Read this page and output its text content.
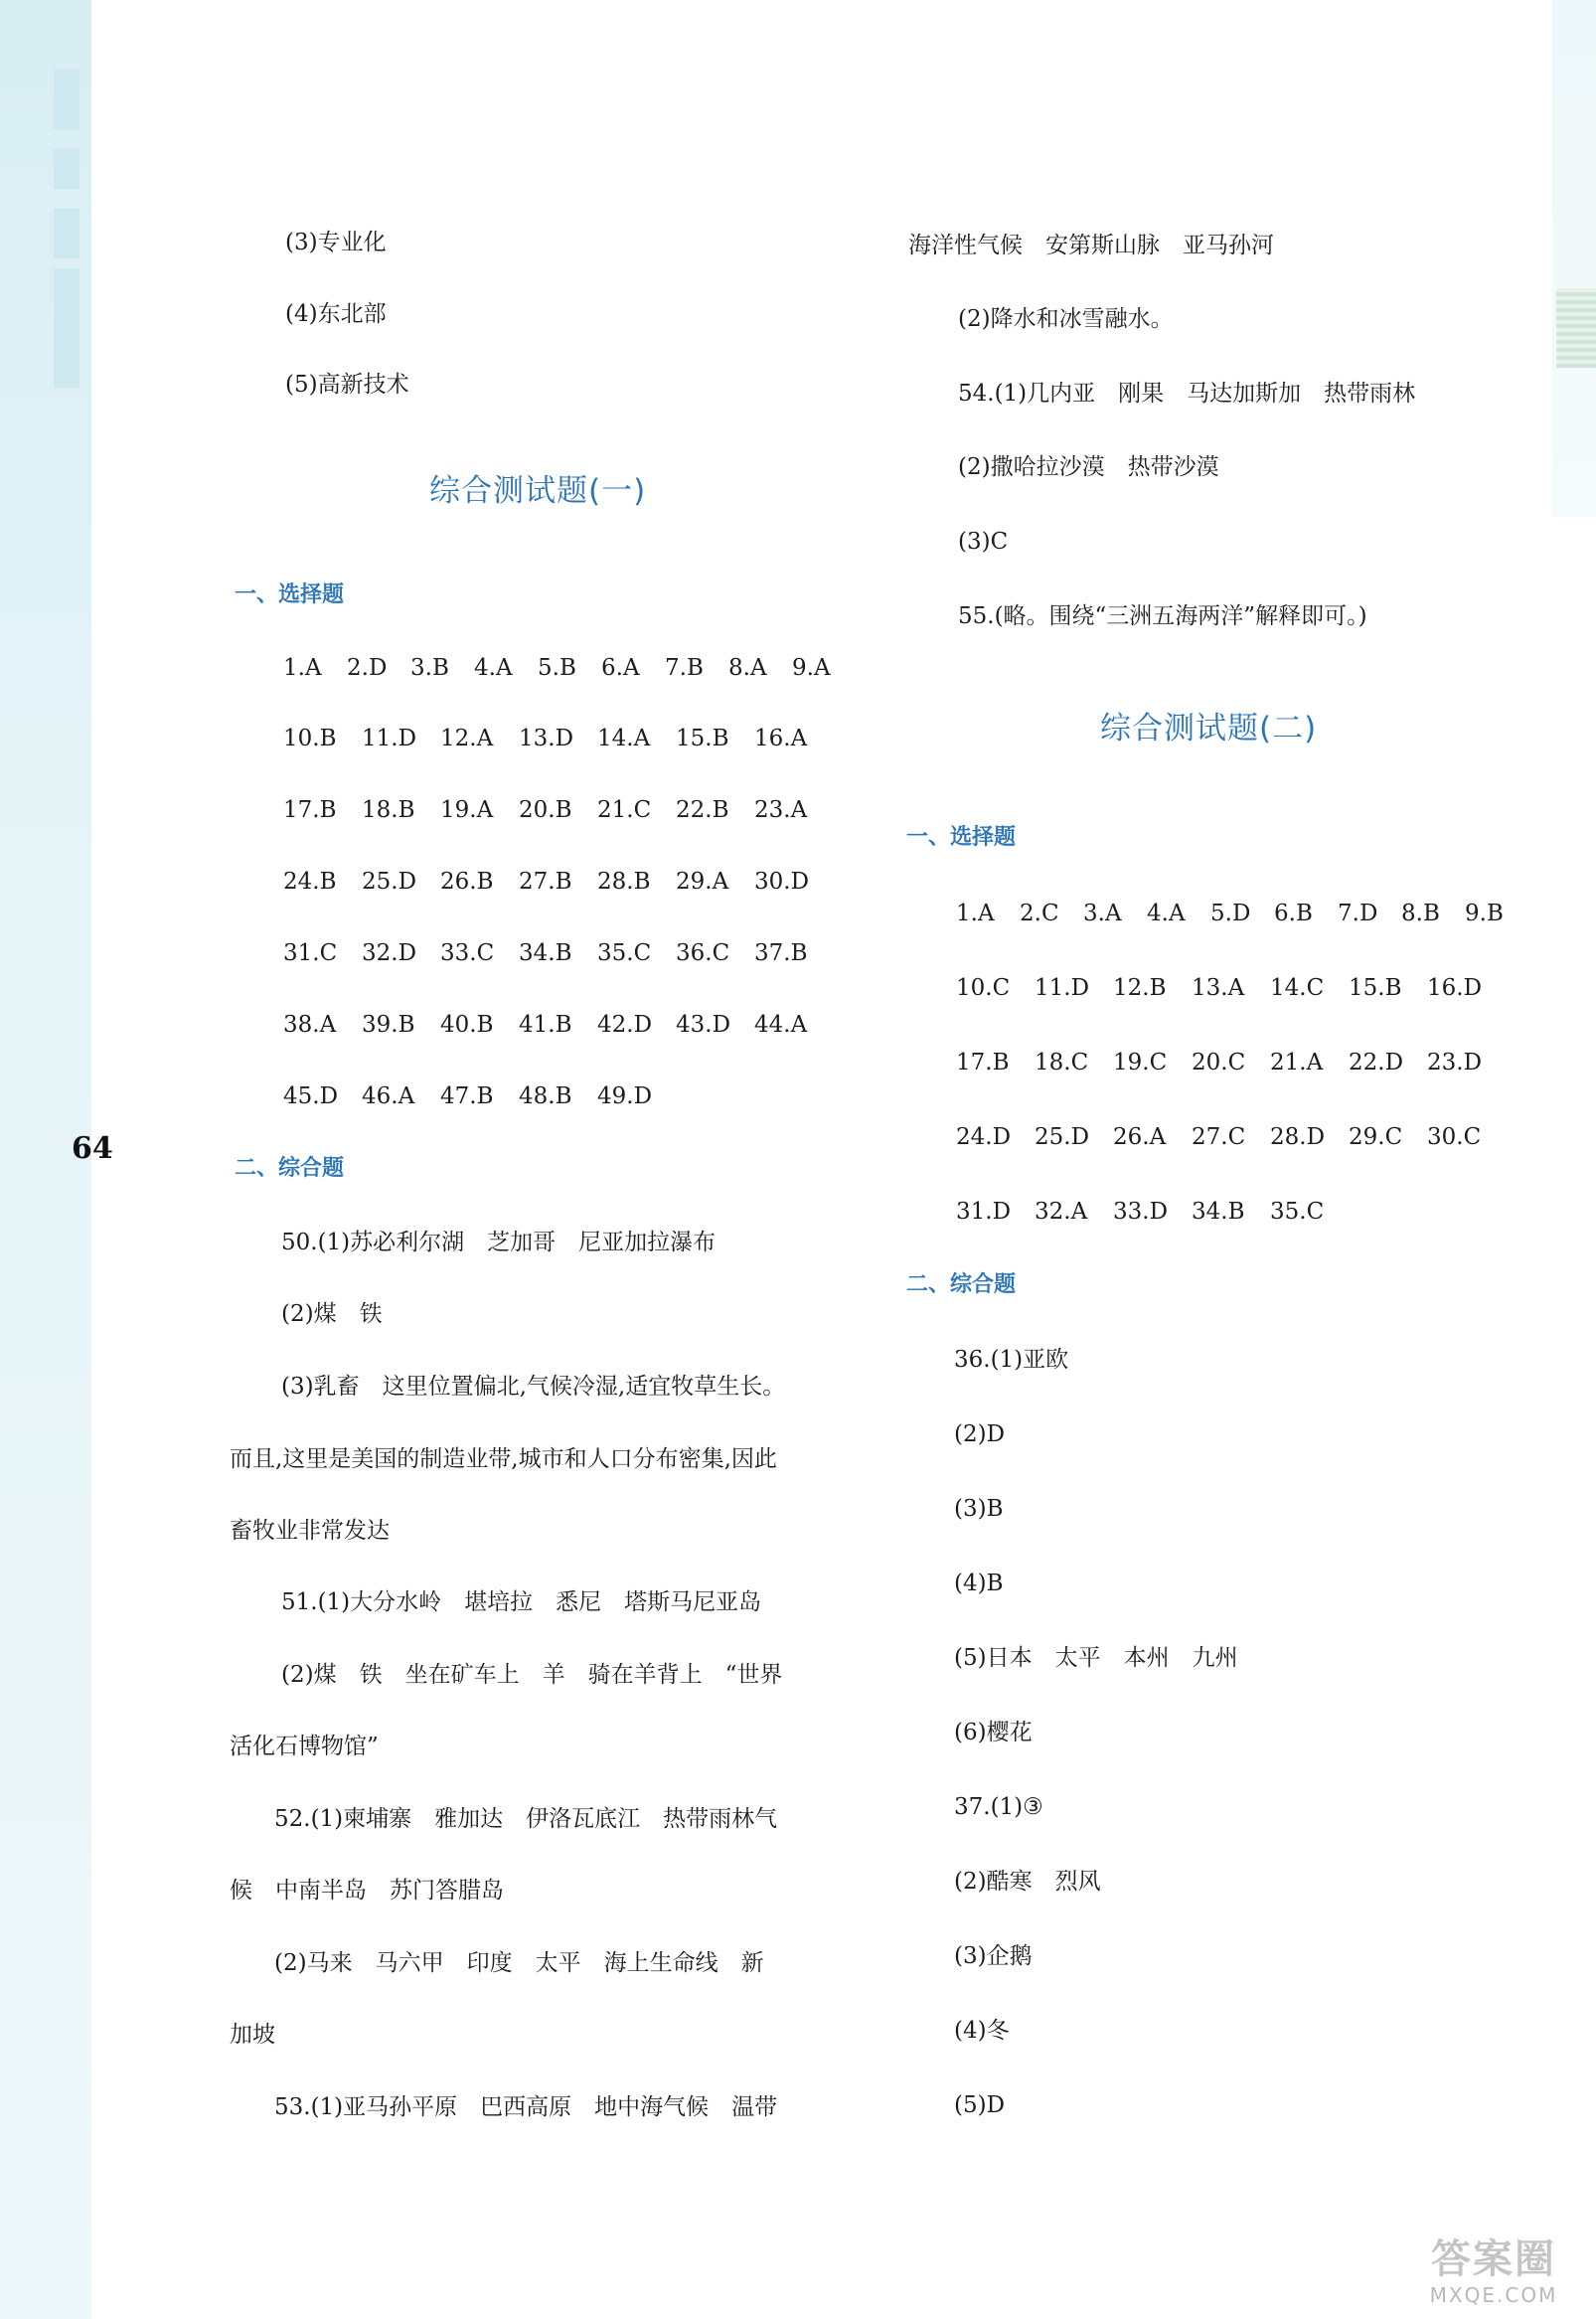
64
(3)专业化
(4)东北部
(5)高新技术
综合测试题(一)
一、选择题
1.A	2.D	3.B	4.A	5.B	6.A	7.B	8.A	9.A
10.B	11.D	12.A	13.D	14.A	15.B	16.A
17.B	18.B	19.A	20.B	21.C	22.B	23.A
24.B	25.D	26.B	27.B	28.B	29.A	30.D
31.C	32.D	33.C	34.B	35.C	36.C	37.B
38.A	39.B	40.B	41.B	42.D	43.D	44.A
45.D	46.A	47.B	48.B	49.D
二、综合题
50.(1)苏必利尔湖　芝加哥　尼亚加拉瀑布
(2)煤　铁
(3)乳畜　这里位置偏北,气候冷湿,适宜牧草生长。
而且,这里是美国的制造业带,城市和人口分布密集,因此
畜牧业非常发达
51.(1)大分水岭　堪培拉　悉尼　塔斯马尼亚岛
(2)煤　铁　坐在矿车上　羊　骑在羊背上　“世界
活化石博物馆”
52.(1)柬埔寨　雅加达　伊洛瓦底江　热带雨林气
候　中南半岛　苏门答腊岛
(2)马来　马六甲　印度　太平　海上生命线　新
加坡
53.(1)亚马孙平原　巴西高原　地中海气候　温带
海洋性气候　安第斯山脉　亚马孙河
(2)降水和冰雪融水。
54.(1)几内亚　刚果　马达加斯加　热带雨林
(2)撒哈拉沙漠　热带沙漠
(3)C
55.(略。围绕“三洲五海两洋”解释即可。)
综合测试题(二)
一、选择题
1.A	2.C	3.A	4.A	5.D	6.B	7.D	8.B	9.B
10.C	11.D	12.B	13.A	14.C	15.B	16.D
17.B	18.C	19.C	20.C	21.A	22.D	23.D
24.D	25.D	26.A	27.C	28.D	29.C	30.C
31.D	32.A	33.D	34.B	35.C
二、综合题
36.(1)亚欧
(2)D
(3)B
(4)B
(5)日本　太平　本州　九州
(6)樱花
37.(1)③
(2)酷寒　烈风
(3)企鹅
(4)冬
(5)D
答案圈
MXQE.COM
